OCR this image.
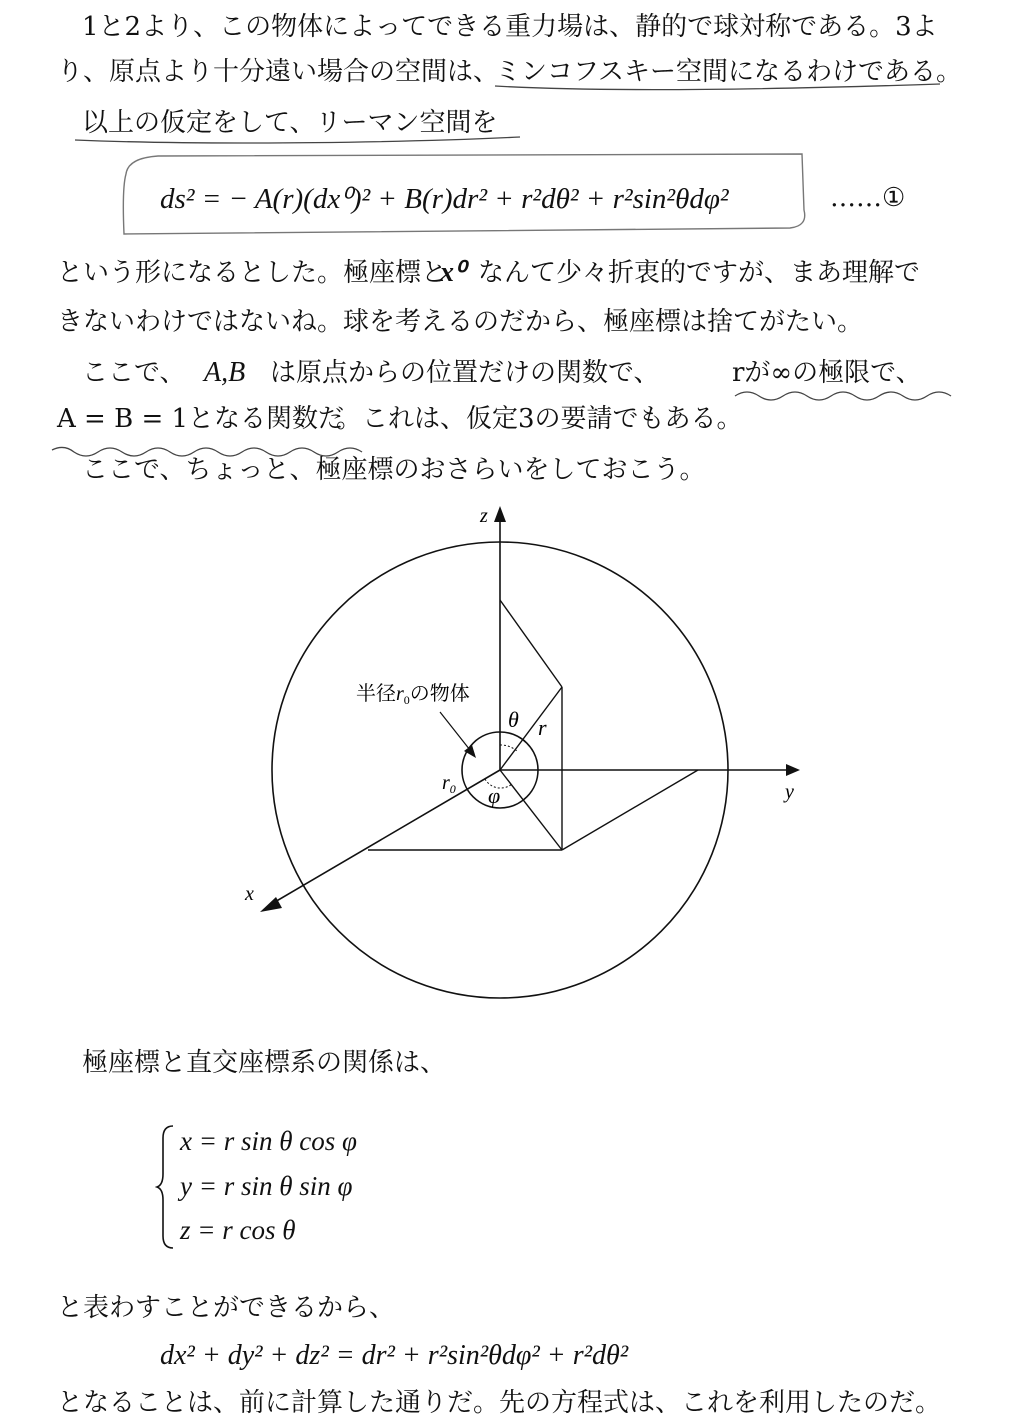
1と2より、この物体によってできる重力場は、静的で球対称である。3よ
り、原点より十分遠い場合の空間は、
ミンコフスキー空間になるわけである。
以上の仮定をして、リーマン空間を
ds² = − A(r)(dx⁰)² + B(r)dr² + r²dθ² + r²sin²θdφ²	……①
という形になるとした。極座標と
x⁰ なんて少々折衷的ですが、まあ理解で
きないわけではないね。球を考えるのだから、極座標は捨てがたい。
ここで、 A,B は原点からの位置だけの関数で、	rが∞の極限で、
A = B = 1となる関数だ
。これは、仮定3の要請でもある。
ここで、ちょっと、極座標のおさらいをしておこう。
z
y
x
半径$r_0$の物体
θ r
φ
$r_0$
極座標と直交座標系の関係は、
x = r sin θ cos φ
y = r sin θ sin φ
z = r cos θ
と表わすことができるから、
dx² + dy² + dz² = dr² + r²sin²θdφ² + r²dθ²
となることは、前に計算した通りだ。先の方程式は、これを利用したのだ。
